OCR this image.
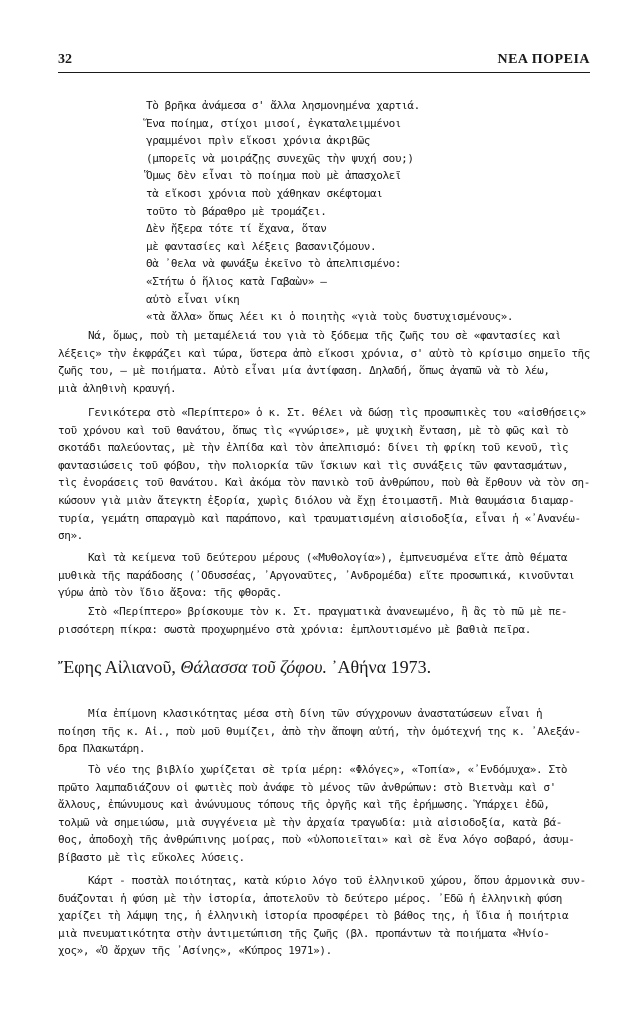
32	ΝΕΑ ΠΟΡΕΙΑ
Τὸ βρῆκα ἀνάμεσα σ' ἄλλα λησμονημένα χαρτιά.
Ἕνα ποίημα, στίχοι μισοί, ἐγκαταλειμμένοι
γραμμένοι πρὶν εἴκοσι χρόνια ἀκριβῶς
(μπορεῖς νὰ μοιράζῃς συνεχῶς τὴν ψυχή σου;)
Ὅμως δὲν εἶναι τὸ ποίημα ποὺ μὲ ἀπασχολεῖ
τὰ εἴκοσι χρόνια ποὺ χάθηκαν σκέφτομαι
τοῦτο τὸ βάραθρο μὲ τρομάζει.
Δὲν ἤξερα τότε τί ἔχανα, ὅταν
μὲ φαντασίες καὶ λέξεις βασανιζόμουν.
Θὰ ᾽θελα νὰ φωνάξω ἐκεῖνο τὸ ἀπελπισμένο:
«Στήτω ὁ ἥλιος κατὰ Γαβαὼν» —
αὐτὸ εἶναι νίκη
«τὰ ἄλλα» ὅπως λέει κι ὁ ποιητὴς «γιὰ τοὺς δυστυχισμένους».
Νά, ὅμως, ποὺ τὴ μεταμέλειά του γιὰ τὸ ξόδεμα τῆς ζωῆς του σὲ «φαντασίες καὶ
λέξεις» τὴν ἐκφράζει καὶ τώρα, ὕστερα ἀπὸ εἴκοσι χρόνια, σ' αὐτὸ τὸ κρίσιμο σημεῖο τῆς
ζωῆς του, — μὲ ποιήματα. Αὐτὸ εἶναι μία ἀντίφαση. Δηλαδή, ὅπως ἀγαπῶ νὰ τὸ λέω,
μιὰ ἀληθινὴ κραυγή.
Γενικότερα στὸ «Περίπτερο» ὁ κ. Στ. θέλει νὰ δώσῃ τὶς προσωπικὲς του «αἰσθήσεις»
τοῦ χρόνου καὶ τοῦ θανάτου, ὅπως τὶς «γνώρισε», μὲ ψυχικὴ ἔνταση, μὲ τὸ φῶς καὶ τὸ
σκοτάδι παλεύοντας, μὲ τὴν ἐλπίδα καὶ τὸν ἀπελπισμό: δίνει τὴ φρίκη τοῦ κενοῦ, τὶς
φαντασιώσεις τοῦ φόβου, τὴν πολιορκία τῶν ἴσκιων καὶ τὶς συνάξεις τῶν φαντασμάτων,
τὶς ἐνοράσεις τοῦ θανάτου. Καὶ ἀκόμα τὸν πανικὸ τοῦ ἀνθρώπου, ποὺ θὰ ἔρθουν νὰ τὸν ση-
κώσουν γιὰ μιὰν ἄτεγκτη ἐξορία, χωρὶς διόλου νὰ ἔχῃ ἑτοιμαστῆ. Μιὰ θαυμάσια διαμαρ-
τυρία, γεμάτη σπαραγμὸ καὶ παράπονο, καὶ τραυματισμένη αἰσιοδοξία, εἶναι ἡ «᾽Ανανέω-
ση».
Καὶ τὰ κείμενα τοῦ δεύτερου μέρους («Μυθολογία»), ἐμπνευσμένα εἴτε ἀπὸ θέματα
μυθικὰ τῆς παράδοσης (᾽Οδυσσέας, ᾽Αργοναῦτες, ᾽Ανδρομέδα) εἴτε προσωπικά, κινοῦνται
γύρω ἀπὸ τὸν ἴδιο ἄξονα: τῆς φθορᾶς.
Στὸ «Περίπτερο» βρίσκουμε τὸν κ. Στ. πραγματικὰ ἀνανεωμένο, ἢ ἂς τὸ πῶ μὲ πε-
ρισσότερη πίκρα: σωστὰ προχωρημένο στὰ χρόνια: ἐμπλουτισμένο μὲ βαθιὰ πεῖρα.
Ἔφης Αἰλιανοῦ, Θάλασσα τοῦ ζόφου. ᾽Αθήνα 1973.
Μία ἐπίμονη κλασικότητας μέσα στὴ δίνη τῶν σύγχρονων ἀναστατώσεων εἶναι ἡ
ποίηση τῆς κ. Αἰ., ποὺ μοῦ θυμίζει, ἀπὸ τὴν ἄποψη αὐτή, τὴν ὁμότεχνή της κ. ᾽Αλεξάν-
δρα Πλακωτάρη.
Τὸ νέο της βιβλίο χωρίζεται σὲ τρία μέρη: «Φλόγες», «Τοπία», «᾽Ενδόμυχα». Στὸ
πρῶτο λαμπαδιάζουν οἱ φωτιὲς ποὺ ἀνάφε τὸ μένος τῶν ἀνθρώπων: στὸ Βιετνὰμ καὶ σ'
ἄλλους, ἐπώνυμους καὶ ἀνώνυμους τόπους τῆς ὀργῆς καὶ τῆς ἐρήμωσης. Ὑπάρχει ἐδῶ,
τολμῶ νὰ σημειώσω, μιὰ συγγένεια μὲ τὴν ἀρχαία τραγωδία: μιὰ αἰσιοδοξία, κατὰ βά-
θος, ἀποδοχὴ τῆς ἀνθρώπινης μοίρας, ποὺ «ὑλοποιεῖται» καὶ σὲ ἕνα λόγο σοβαρό, ἀσυμ-
βίβαστο μὲ τὶς εὔκολες λύσεις.
Κάρτ - ποστὰλ ποιότητας, κατὰ κύριο λόγο τοῦ ἑλληνικοῦ χώρου, ὅπου ἁρμονικὰ συν-
δυάζονται ἡ φύση μὲ τὴν ἱστορία, ἀποτελοῦν τὸ δεύτερο μέρος. ᾽Εδῶ ἡ ἑλληνικὴ φύση
χαρίζει τὴ λάμψη της, ἡ ἑλληνικὴ ἱστορία προσφέρει τὸ βάθος της, ἡ ἴδια ἡ ποιήτρια
μιὰ πνευματικότητα στὴν ἀντιμετώπιση τῆς ζωῆς (βλ. προπάντων τὰ ποιήματα «Ἡνίο-
χος», «Ὁ ἄρχων τῆς ᾽Ασίνης», «Κύπρος 1971»).
